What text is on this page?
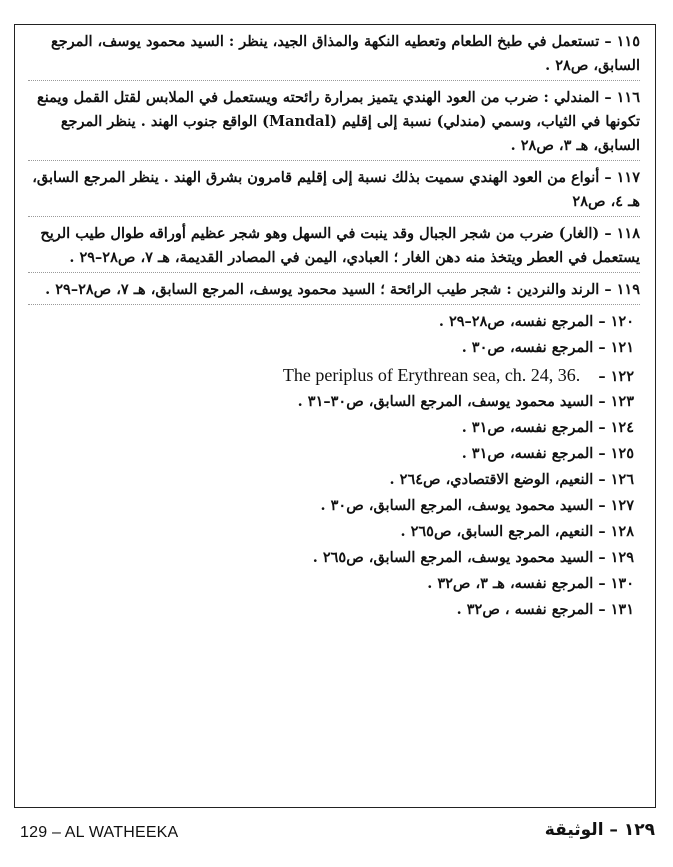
١١٥ – تستعمل في طبخ الطعام وتعطيه النكهة والمذاق الجيد، ينظر : السيد محمود يوسف، المرجع السابق، ص٢٨ .

١١٦ – المندلي : ضرب من العود الهندي يتميز بمرارة رائحته ويستعمل في الملابس لقتل القمل ويمنع تكونها في الثياب، وسمي (مندلي) نسبة إلى إقليم (Mandal) الواقع جنوب الهند . ينظر المرجع السابق، هـ ٣، ص٢٨ .

١١٧ – أنواع من العود الهندي سميت بذلك نسبة إلى إقليم قامرون بشرق الهند . ينظر المرجع السابق، هـ ٤، ص٢٨

١١٨ – (الغار) ضرب من شجر الجبال وقد ينبت في السهل وهو شجر عظيم أوراقه طوال طيب الريح يستعمل في العطر ويتخذ منه دهن الغار ؛ العبادي، اليمن في المصادر القديمة، هـ ٧، ص٢٨–٢٩ .

١١٩ – الرند والنردين : شجر طيب الرائحة ؛ السيد محمود يوسف، المرجع السابق، هـ ٧، ص٢٨–٢٩ .

١٢٠ – المرجع نفسه، ص٢٨–٢٩ .

١٢١ – المرجع نفسه، ص٣٠ .

١٢٢ –
The periplus of Erythrean sea, ch. 24, 36.

١٢٣ – السيد محمود يوسف، المرجع السابق، ص٣٠–٣١ .

١٢٤ – المرجع نفسه، ص٣١ .

١٢٥ – المرجع نفسه، ص٣١ .

١٢٦ – النعيم، الوضع الاقتصادي، ص٢٦٤ .

١٢٧ – السيد محمود يوسف، المرجع السابق، ص٣٠ .

١٢٨ – النعيم، المرجع السابق، ص٢٦٥ .

١٢٩ – السيد محمود يوسف، المرجع السابق، ص٢٦٥ .

١٣٠ – المرجع نفسه، هـ ٣، ص٣٢ .

١٣١ – المرجع نفسه ، ص٣٢ .

129 – AL WATHEEKA	١٢٩ – الوثيقة
